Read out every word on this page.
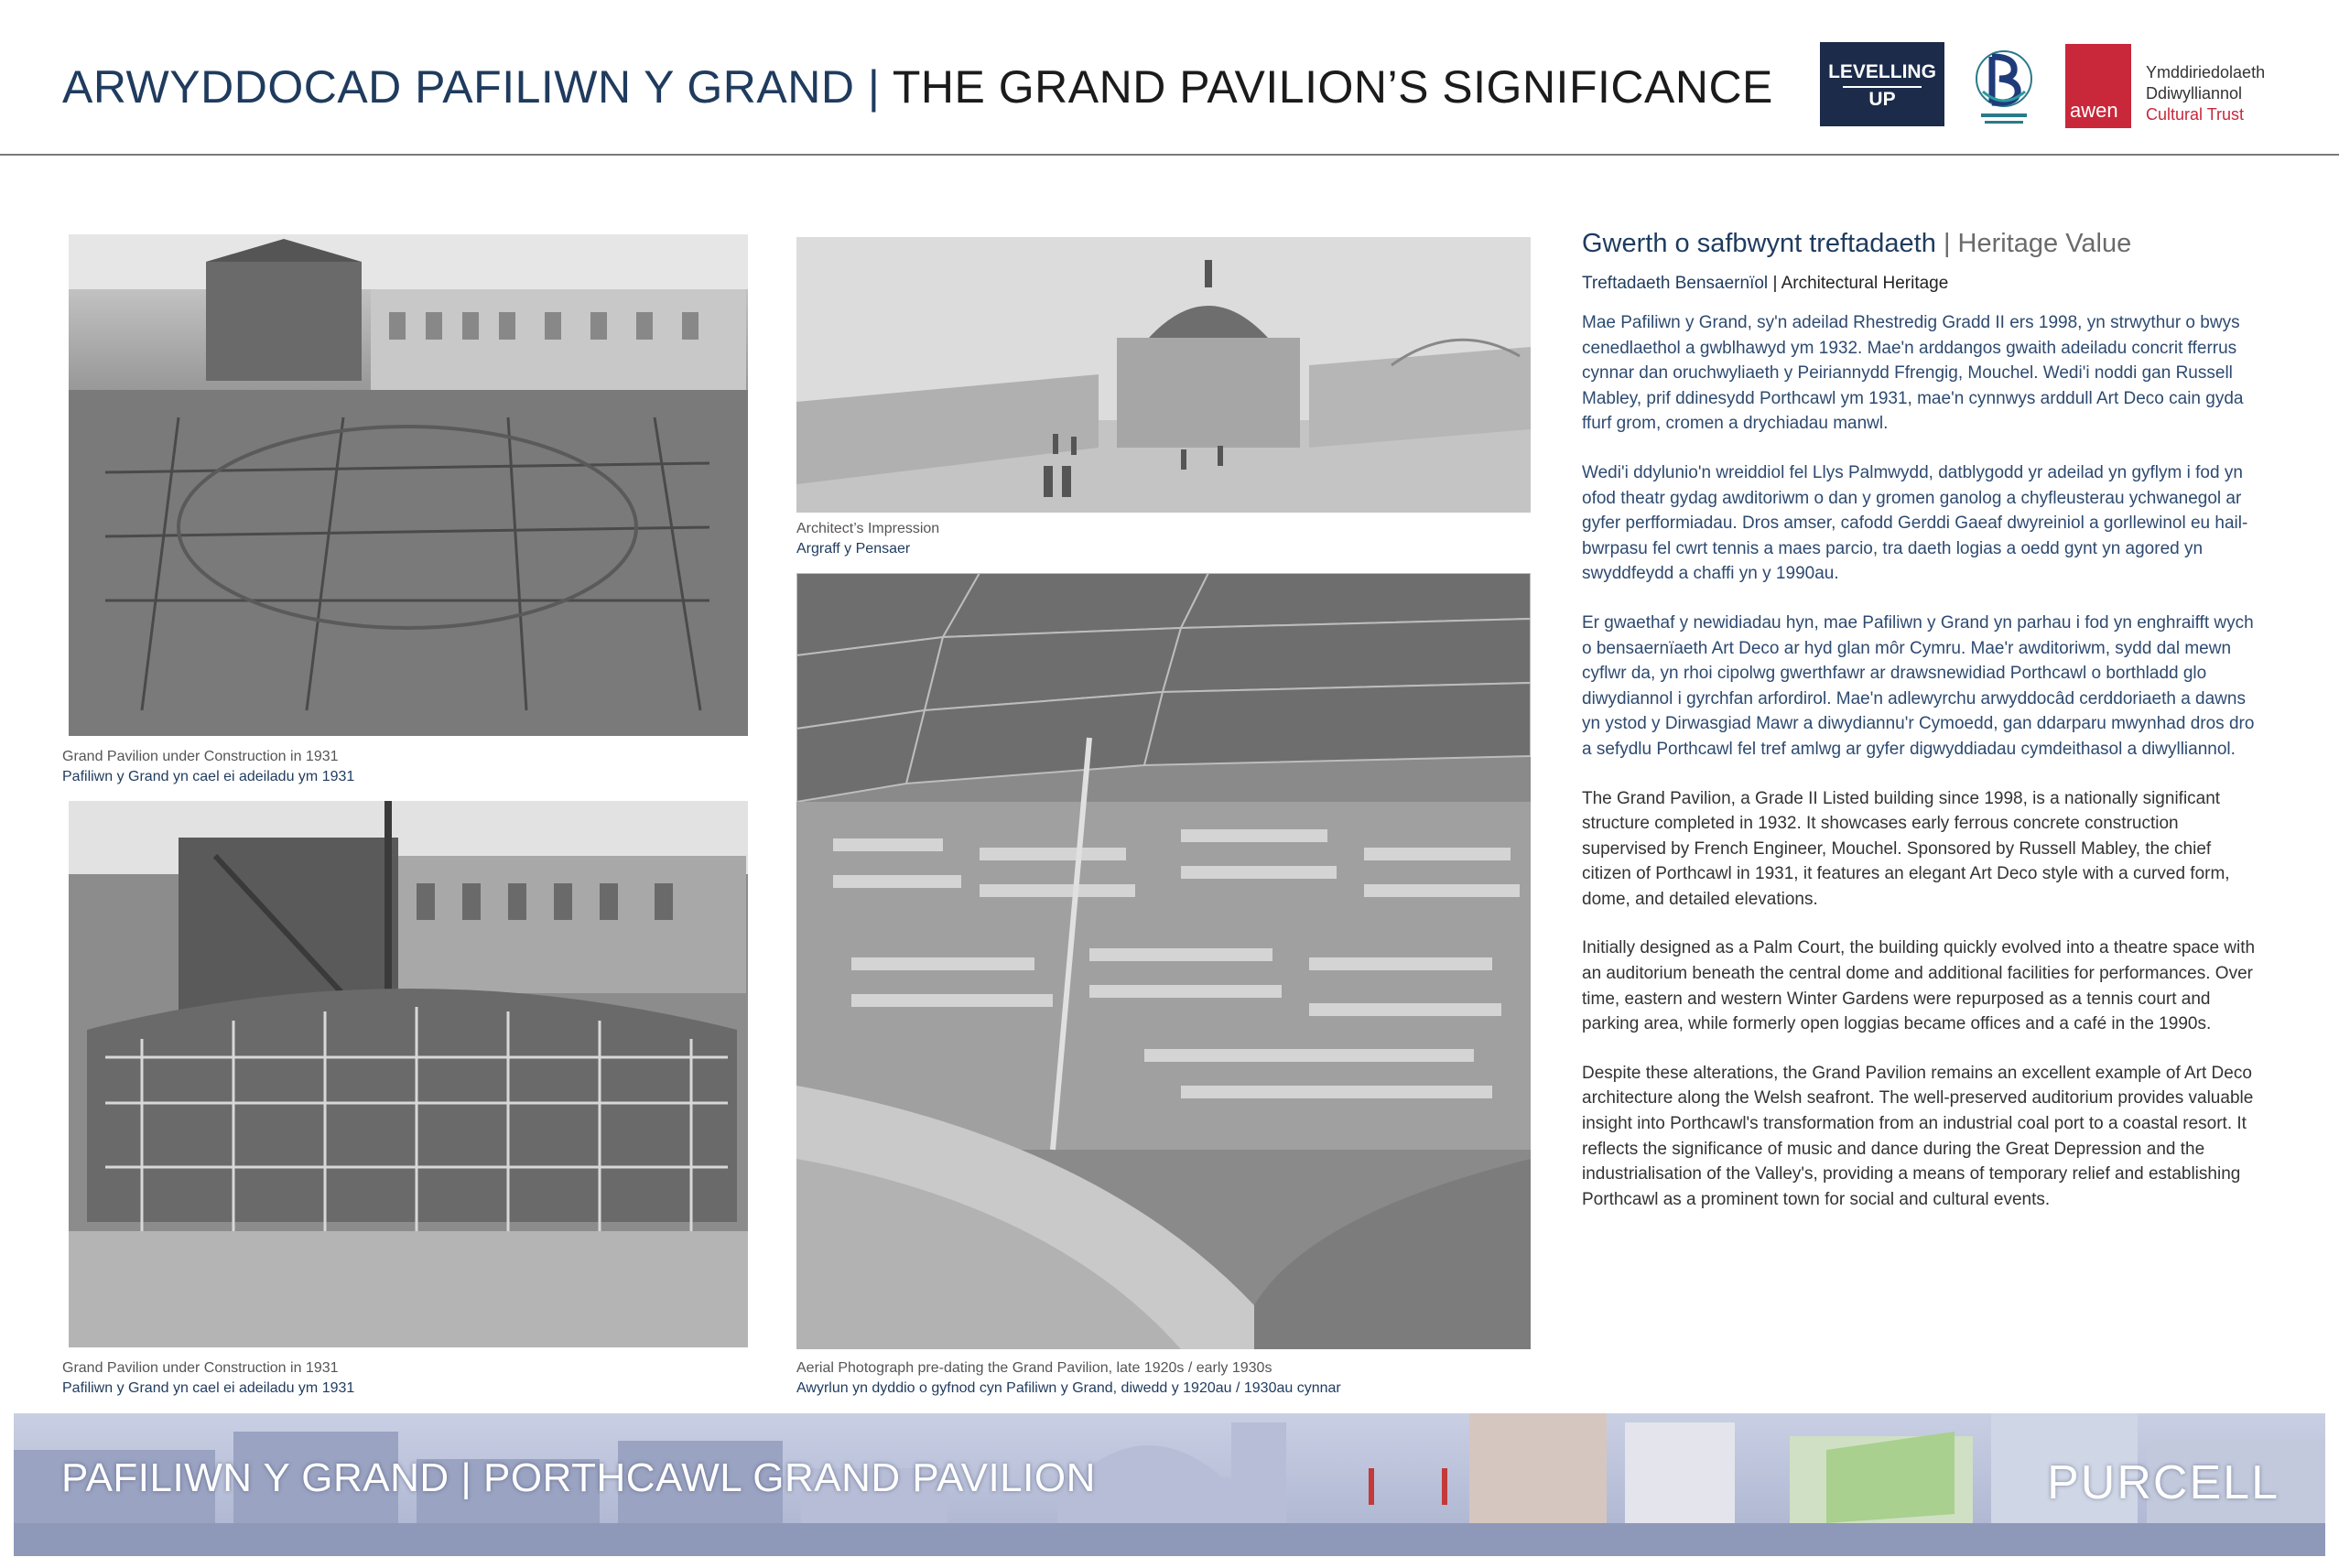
ARWYDDOCAD PAFILIWN Y GRAND | THE GRAND PAVILION’S SIGNIFICANCE	LEVELLING
UP	awen
Ymddiriedolaeth
Ddiwylliannol
Cultural Trust
Grand Pavilion under Construction in 1931
Pafiliwn y Grand yn cael ei adeiladu ym 1931
Grand Pavilion under Construction in 1931
Pafiliwn y Grand yn cael ei adeiladu ym 1931
Architect’s Impression
Argraff y Pensaer
Aerial Photograph pre-dating the Grand Pavilion, late 1920s / early 1930s
Awyrlun yn dyddio o gyfnod cyn Pafiliwn y Grand, diwedd y 1920au / 1930au cynnar
Gwerth o safbwynt treftadaeth | Heritage Value
Treftadaeth Bensaernïol | Architectural Heritage

Mae Pafiliwn y Grand, sy'n adeilad Rhestredig Gradd II ers 1998, yn strwythur o bwys cenedlaethol a gwblhawyd ym 1932. Mae'n arddangos gwaith adeiladu concrit fferrus cynnar dan oruchwyliaeth y Peiriannydd Ffrengig, Mouchel. Wedi'i noddi gan Russell Mabley, prif ddinesydd Porthcawl ym 1931, mae'n cynnwys arddull Art Deco cain gyda ffurf grom, cromen a drychiadau manwl.

Wedi'i ddylunio'n wreiddiol fel Llys Palmwydd, datblygodd yr adeilad yn gyflym i fod yn ofod theatr gydag awditoriwm o dan y gromen ganolog a chyfleusterau ychwanegol ar gyfer perfformiadau. Dros amser, cafodd Gerddi Gaeaf dwyreiniol a gorllewinol eu hail-bwrpasu fel cwrt tennis a maes parcio, tra daeth logias a oedd gynt yn agored yn swyddfeydd a chaffi yn y 1990au.

Er gwaethaf y newidiadau hyn, mae Pafiliwn y Grand yn parhau i fod yn enghraifft wych o bensaernïaeth Art Deco ar hyd glan môr Cymru. Mae'r awditoriwm, sydd dal mewn cyflwr da, yn rhoi cipolwg gwerthfawr ar drawsnewidiad Porthcawl o borthladd glo diwydiannol i gyrchfan arfordirol. Mae'n adlewyrchu arwyddocâd cerddoriaeth a dawns yn ystod y Dirwasgiad Mawr a diwydiannu'r Cymoedd, gan ddarparu mwynhad dros dro a sefydlu Porthcawl fel tref amlwg ar gyfer digwyddiadau cymdeithasol a diwylliannol.

The Grand Pavilion, a Grade II Listed building since 1998, is a nationally significant structure completed in 1932. It showcases early ferrous concrete construction supervised by French Engineer, Mouchel. Sponsored by Russell Mabley, the chief citizen of Porthcawl in 1931, it features an elegant Art Deco style with a curved form, dome, and detailed elevations.

Initially designed as a Palm Court, the building quickly evolved into a theatre space with an auditorium beneath the central dome and additional facilities for performances. Over time, eastern and western Winter Gardens were repurposed as a tennis court and parking area, while formerly open loggias became offices and a café in the 1990s.

Despite these alterations, the Grand Pavilion remains an excellent example of Art Deco architecture along the Welsh seafront. The well-preserved auditorium provides valuable insight into Porthcawl's transformation from an industrial coal port to a coastal resort. It reflects the significance of music and dance during the Great Depression and the industrialisation of the Valley's, providing a means of temporary relief and establishing Porthcawl as a prominent town for social and cultural events.

PAFILIWN Y GRAND | PORTHCAWL GRAND PAVILION	PURCELL
